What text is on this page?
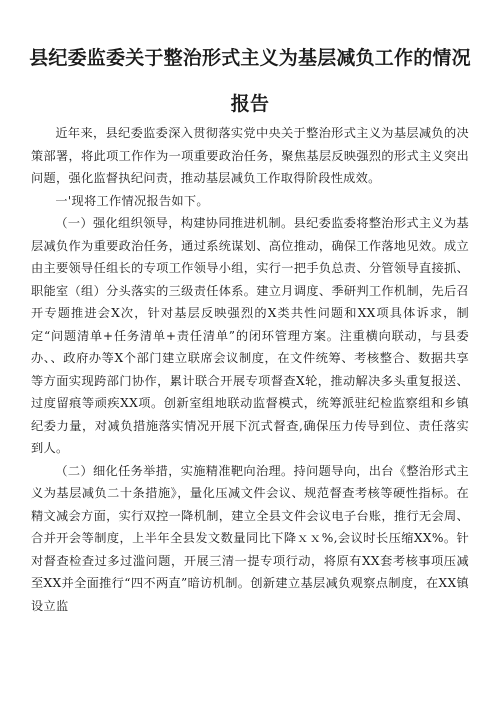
县纪委监委关于整治形式主义为基层减负工作的情况
报告

近年来，县纪委监委深入贯彻落实党中央关于整治形式主义为基层减负的决策部署，将此项工作作为一项重要政治任务，聚焦基层反映强烈的形式主义突出问题，强化监督执纪问责，推动基层减负工作取得阶段性成效。

一'现将工作情况报告如下。

（一）强化组织领导，构建协同推进机制。县纪委监委将整治形式主义为基层减负作为重要政治任务，通过系统谋划、高位推动，确保工作落地见效。成立由主要领导任组长的专项工作领导小组，实行一把手负总责、分管领导直接抓、职能室（组）分头落实的三级责任体系。建立月调度、季研判工作机制，先后召开专题推进会X次，针对基层反映强烈的X类共性问题和XX项具体诉求，制定“问题清单+任务清单+责任清单”的闭环管理方案。注重横向联动，与县委办、、政府办等X个部门建立联席会议制度，在文件统筹、考核整合、数据共享等方面实现跨部门协作，累计联合开展专项督查X轮，推动解决多头重复报送、过度留痕等顽疾XX项。创新室组地联动监督模式，统筹派驻纪检监察组和乡镇纪委力量，对减负措施落实情况开展下沉式督查,确保压力传导到位、责任落实到人。

（二）细化任务举措，实施精准靶向治理。持问题导向，出台《整治形式主义为基层减负二十条措施》，量化压减文件会议、规范督查考核等硬性指标。在精文减会方面，实行双控一降机制，建立全县文件会议电子台账，推行无会周、合并开会等制度，上半年全县发文数量同比下降ｘｘ%,会议时长压缩XX%。针对督查检查过多过滥问题，开展三清一提专项行动，将原有XX套考核事项压减至XX并全面推行“四不两直”暗访机制。创新建立基层减负观察点制度，在XX镇设立监
